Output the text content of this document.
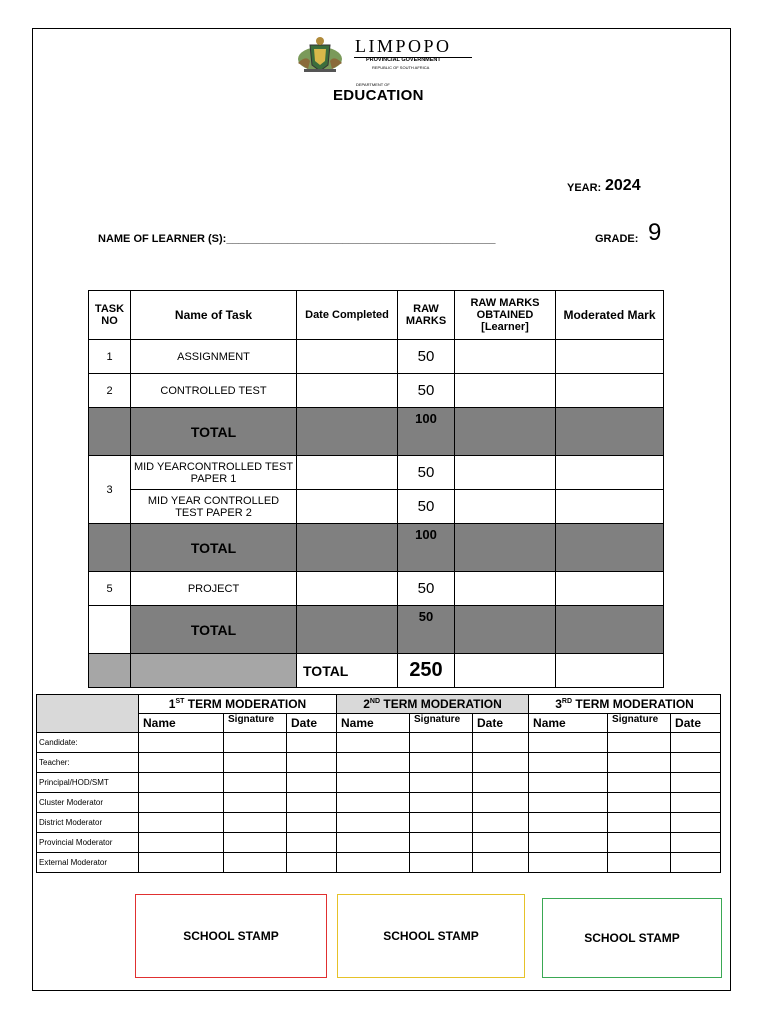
LIMPOPO
PROVINCIAL GOVERNMENT
REPUBLIC OF SOUTH AFRICA
DEPARTMENT OF
EDUCATION
YEAR: 2024
NAME OF LEARNER (S):____________________________________________	GRADE: 9
TASK NO	Name of Task	Date Completed	RAW MARKS	RAW MARKS OBTAINED [Learner]	Moderated Mark
1	ASSIGNMENT		50		
2	CONTROLLED TEST		50		
	TOTAL		100		
3	MID YEARCONTROLLED TEST PAPER 1		50		
	MID YEAR CONTROLLED TEST PAPER 2		50		
	TOTAL		100		
5	PROJECT		50		
	TOTAL		50		
		TOTAL	250		
	1ST TERM MODERATION			2ND TERM MODERATION			3RD TERM MODERATION		
	Name	Signature	Date	Name	Signature	Date	Name	Signature	Date
Candidate:									
Teacher:									
Principal/HOD/SMT									
Cluster Moderator									
District Moderator									
Provincial Moderator									
External Moderator									
SCHOOL STAMP	SCHOOL STAMP	SCHOOL STAMP
